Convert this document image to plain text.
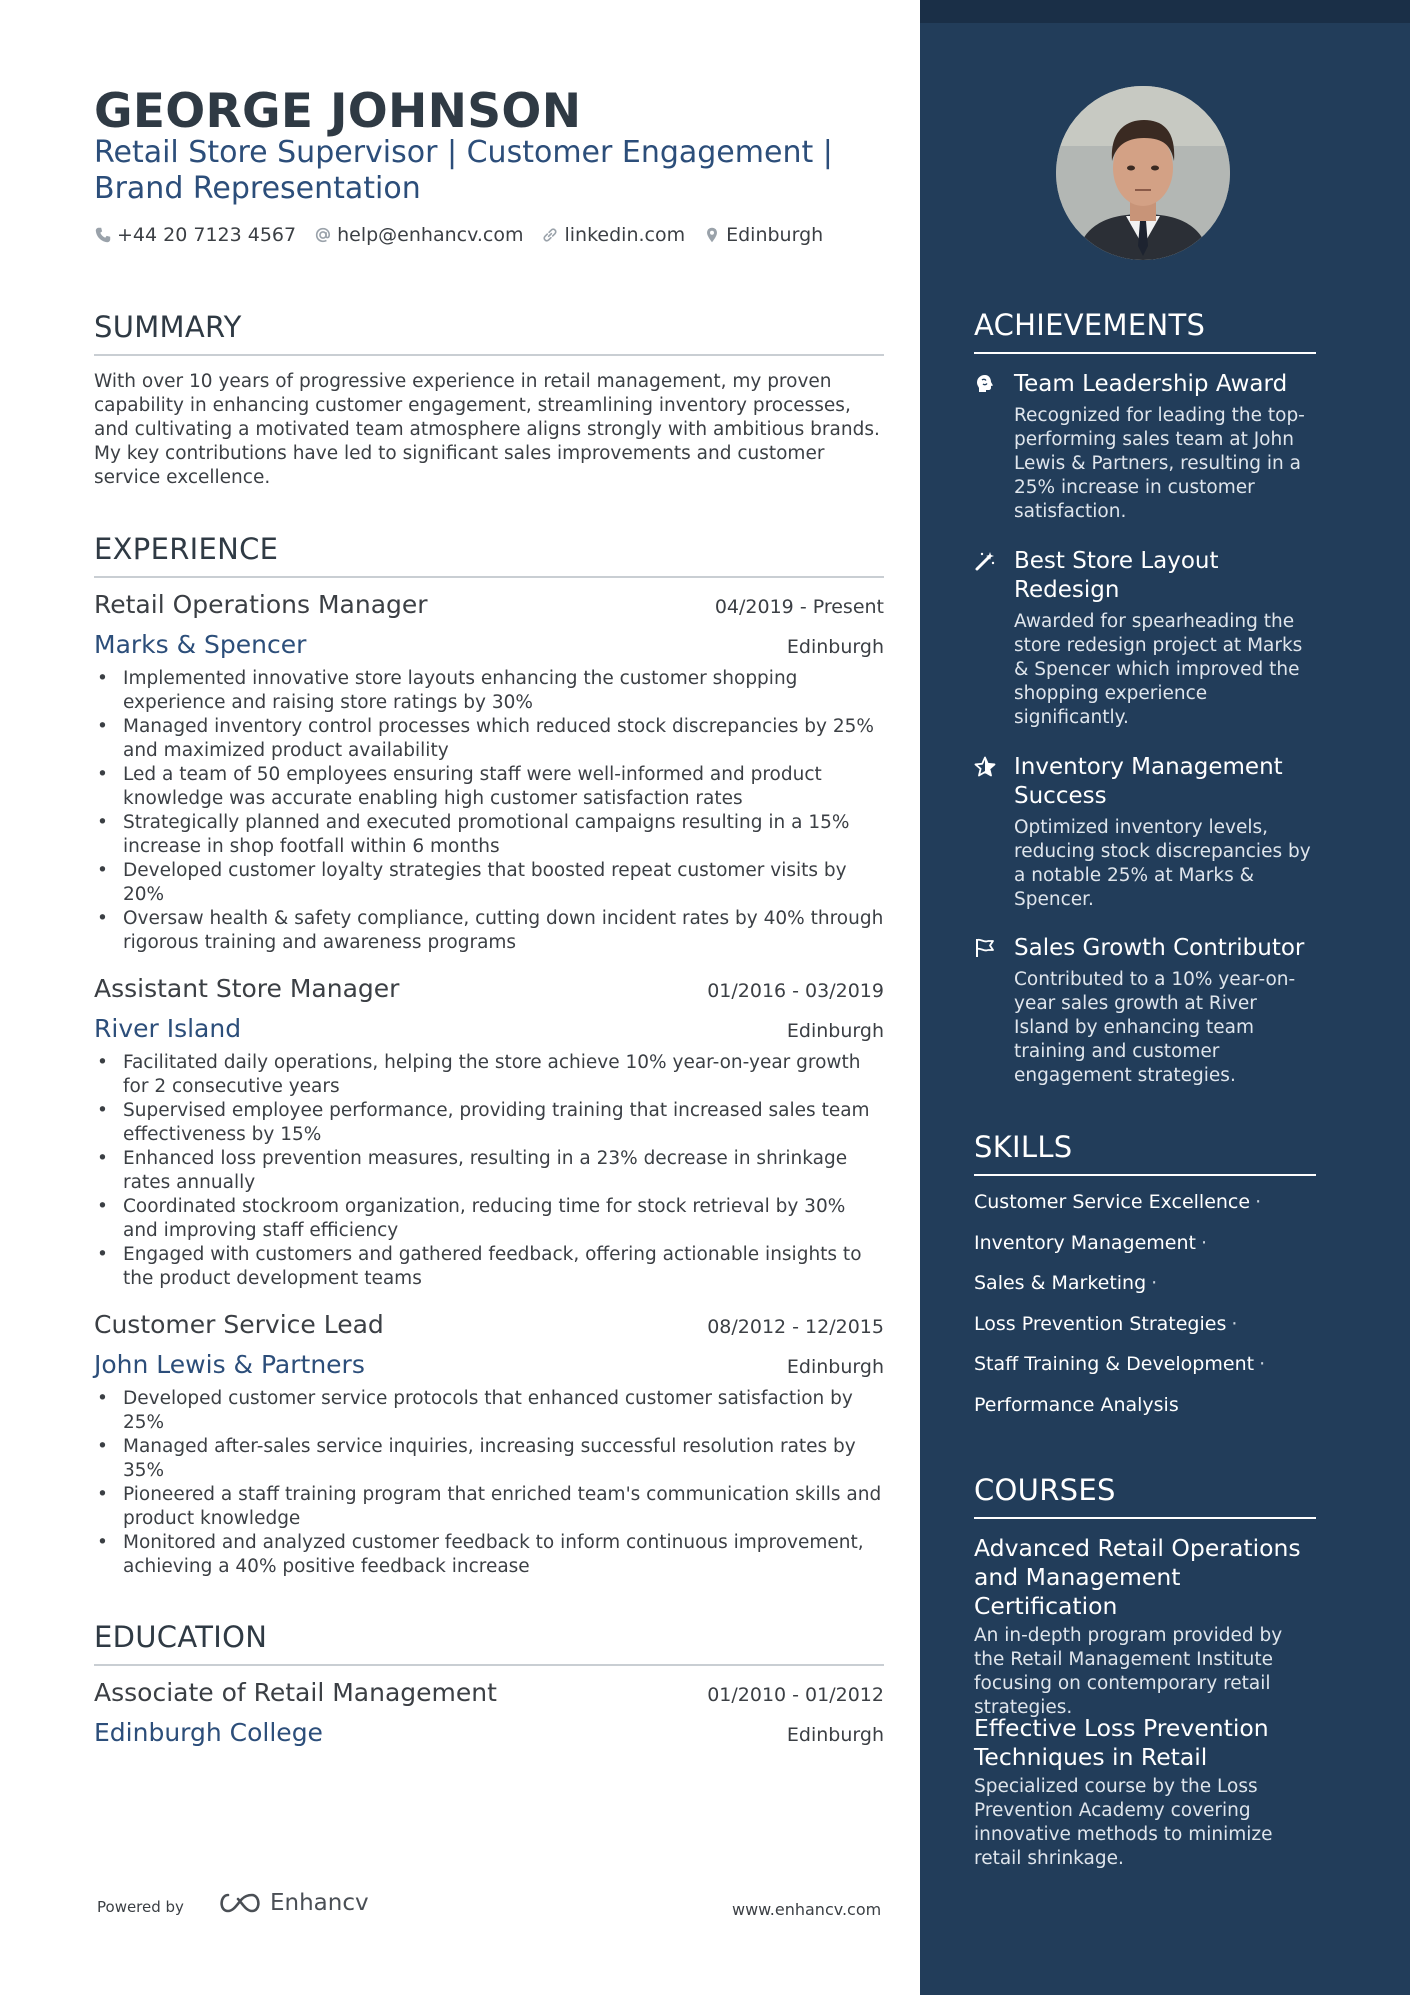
GEORGE JOHNSON
Retail Store Supervisor | Customer Engagement | Brand Representation
+44 20 7123 4567 help@enhancv.com linkedin.com Edinburgh
SUMMARY
With over 10 years of progressive experience in retail management, my proven capability in enhancing customer engagement, streamlining inventory processes, and cultivating a motivated team atmosphere aligns strongly with ambitious brands. My key contributions have led to significant sales improvements and customer service excellence.
EXPERIENCE
Retail Operations Manager	04/2019 - Present
Marks & Spencer	Edinburgh
• Implemented innovative store layouts enhancing the customer shopping experience and raising store ratings by 30%
• Managed inventory control processes which reduced stock discrepancies by 25% and maximized product availability
• Led a team of 50 employees ensuring staff were well-informed and product knowledge was accurate enabling high customer satisfaction rates
• Strategically planned and executed promotional campaigns resulting in a 15% increase in shop footfall within 6 months
• Developed customer loyalty strategies that boosted repeat customer visits by 20%
• Oversaw health & safety compliance, cutting down incident rates by 40% through rigorous training and awareness programs
Assistant Store Manager	01/2016 - 03/2019
River Island	Edinburgh
• Facilitated daily operations, helping the store achieve 10% year-on-year growth for 2 consecutive years
• Supervised employee performance, providing training that increased sales team effectiveness by 15%
• Enhanced loss prevention measures, resulting in a 23% decrease in shrinkage rates annually
• Coordinated stockroom organization, reducing time for stock retrieval by 30% and improving staff efficiency
• Engaged with customers and gathered feedback, offering actionable insights to the product development teams
Customer Service Lead	08/2012 - 12/2015
John Lewis & Partners	Edinburgh
• Developed customer service protocols that enhanced customer satisfaction by 25%
• Managed after-sales service inquiries, increasing successful resolution rates by 35%
• Pioneered a staff training program that enriched team's communication skills and product knowledge
• Monitored and analyzed customer feedback to inform continuous improvement, achieving a 40% positive feedback increase
EDUCATION
Associate of Retail Management	01/2010 - 01/2012
Edinburgh College	Edinburgh
Powered by	Enhancv	www.enhancv.com
ACHIEVEMENTS
Team Leadership Award
Recognized for leading the top-performing sales team at John Lewis & Partners, resulting in a 25% increase in customer satisfaction.
Best Store Layout Redesign
Awarded for spearheading the store redesign project at Marks & Spencer which improved the shopping experience significantly.
Inventory Management Success
Optimized inventory levels, reducing stock discrepancies by a notable 25% at Marks & Spencer.
Sales Growth Contributor
Contributed to a 10% year-on-year sales growth at River Island by enhancing team training and customer engagement strategies.
SKILLS
Customer Service Excellence ·
Inventory Management ·
Sales & Marketing ·
Loss Prevention Strategies ·
Staff Training & Development ·
Performance Analysis
COURSES
Advanced Retail Operations and Management Certification
An in-depth program provided by the Retail Management Institute focusing on contemporary retail strategies.
Effective Loss Prevention Techniques in Retail
Specialized course by the Loss Prevention Academy covering innovative methods to minimize retail shrinkage.
